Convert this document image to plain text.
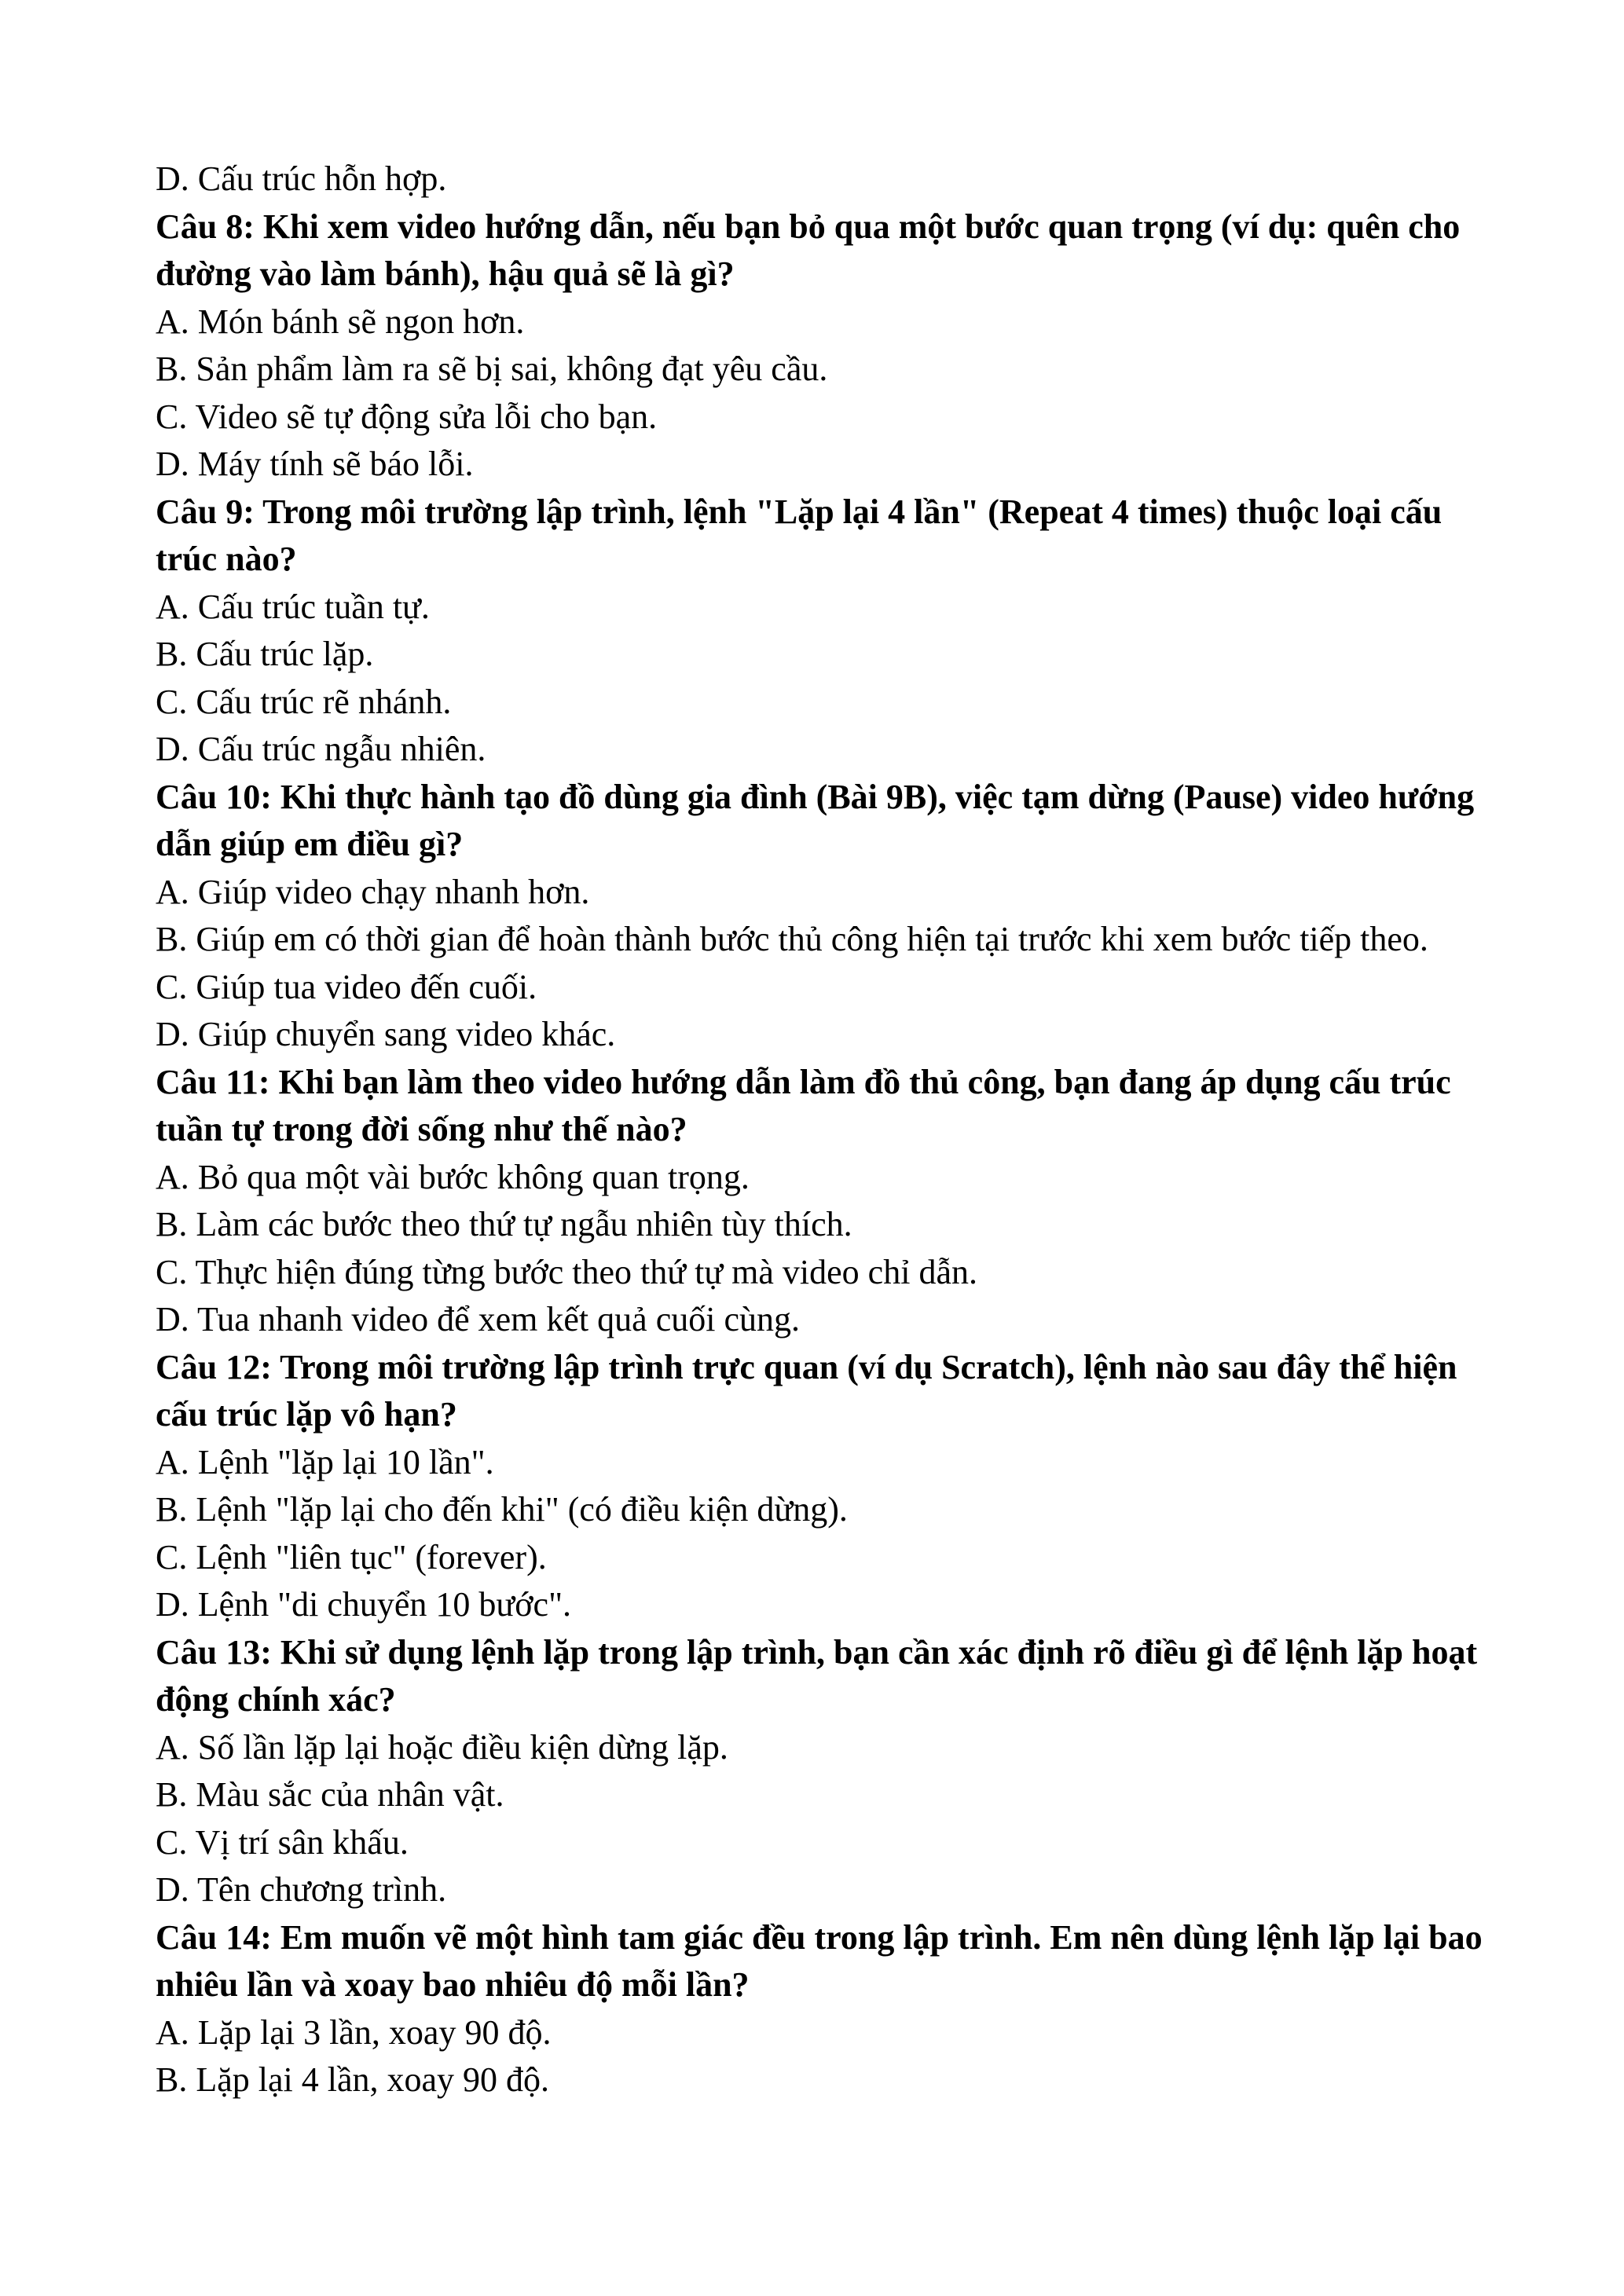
D. Cấu trúc hỗn hợp.

Câu 8: Khi xem video hướng dẫn, nếu bạn bỏ qua một bước quan trọng (ví dụ: quên cho đường vào làm bánh), hậu quả sẽ là gì?

A. Món bánh sẽ ngon hơn.

B. Sản phẩm làm ra sẽ bị sai, không đạt yêu cầu.

C. Video sẽ tự động sửa lỗi cho bạn.

D. Máy tính sẽ báo lỗi.

Câu 9: Trong môi trường lập trình, lệnh "Lặp lại 4 lần" (Repeat 4 times) thuộc loại cấu trúc nào?

A. Cấu trúc tuần tự.

B. Cấu trúc lặp.

C. Cấu trúc rẽ nhánh.

D. Cấu trúc ngẫu nhiên.

Câu 10: Khi thực hành tạo đồ dùng gia đình (Bài 9B), việc tạm dừng (Pause) video hướng dẫn giúp em điều gì?

A. Giúp video chạy nhanh hơn.

B. Giúp em có thời gian để hoàn thành bước thủ công hiện tại trước khi xem bước tiếp theo.

C. Giúp tua video đến cuối.

D. Giúp chuyển sang video khác.

Câu 11: Khi bạn làm theo video hướng dẫn làm đồ thủ công, bạn đang áp dụng cấu trúc tuần tự trong đời sống như thế nào?

A. Bỏ qua một vài bước không quan trọng.

B. Làm các bước theo thứ tự ngẫu nhiên tùy thích.

C. Thực hiện đúng từng bước theo thứ tự mà video chỉ dẫn.

D. Tua nhanh video để xem kết quả cuối cùng.

Câu 12: Trong môi trường lập trình trực quan (ví dụ Scratch), lệnh nào sau đây thể hiện cấu trúc lặp vô hạn?

A. Lệnh "lặp lại 10 lần".

B. Lệnh "lặp lại cho đến khi" (có điều kiện dừng).

C. Lệnh "liên tục" (forever).

D. Lệnh "di chuyển 10 bước".

Câu 13: Khi sử dụng lệnh lặp trong lập trình, bạn cần xác định rõ điều gì để lệnh lặp hoạt động chính xác?

A. Số lần lặp lại hoặc điều kiện dừng lặp.

B. Màu sắc của nhân vật.

C. Vị trí sân khấu.

D. Tên chương trình.

Câu 14: Em muốn vẽ một hình tam giác đều trong lập trình. Em nên dùng lệnh lặp lại bao nhiêu lần và xoay bao nhiêu độ mỗi lần?

A. Lặp lại 3 lần, xoay 90 độ.

B. Lặp lại 4 lần, xoay 90 độ.
